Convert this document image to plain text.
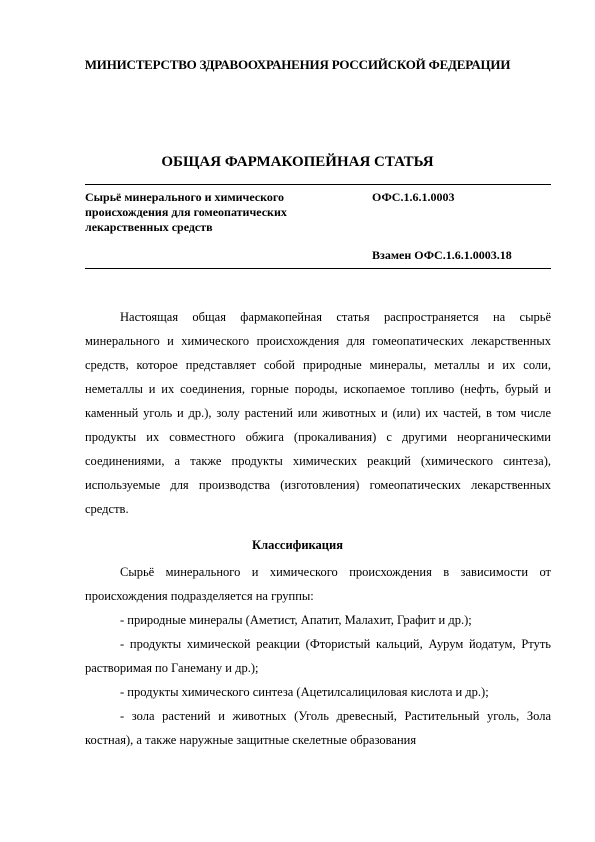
МИНИСТЕРСТВО ЗДРАВООХРАНЕНИЯ РОССИЙСКОЙ ФЕДЕРАЦИИ
ОБЩАЯ ФАРМАКОПЕЙНАЯ СТАТЬЯ
Сырьё минерального и химического происхождения для гомеопатических лекарственных средств
ОФС.1.6.1.0003
Взамен ОФС.1.6.1.0003.18

Настоящая общая фармакопейная статья распространяется на сырьё минерального и химического происхождения для гомеопатических лекарственных средств, которое представляет собой природные минералы, металлы и их соли, неметаллы и их соединения, горные породы, ископаемое топливо (нефть, бурый и каменный уголь и др.), золу растений или животных и (или) их частей, в том числе продукты их совместного обжига (прокаливания) с другими неорганическими соединениями, а также продукты химических реакций (химического синтеза), используемые для производства (изготовления) гомеопатических лекарственных средств.

Классификация

Сырьё минерального и химического происхождения в зависимости от происхождения подразделяется на группы:

- природные минералы (Аметист, Апатит, Малахит, Графит и др.);

- продукты химической реакции (Фтористый кальций, Аурум йодатум, Ртуть растворимая по Ганеману и др.);

- продукты химического синтеза (Ацетилсалициловая кислота и др.);

- зола растений и животных (Уголь древесный, Растительный уголь, Зола костная), а также наружные защитные скелетные образования
